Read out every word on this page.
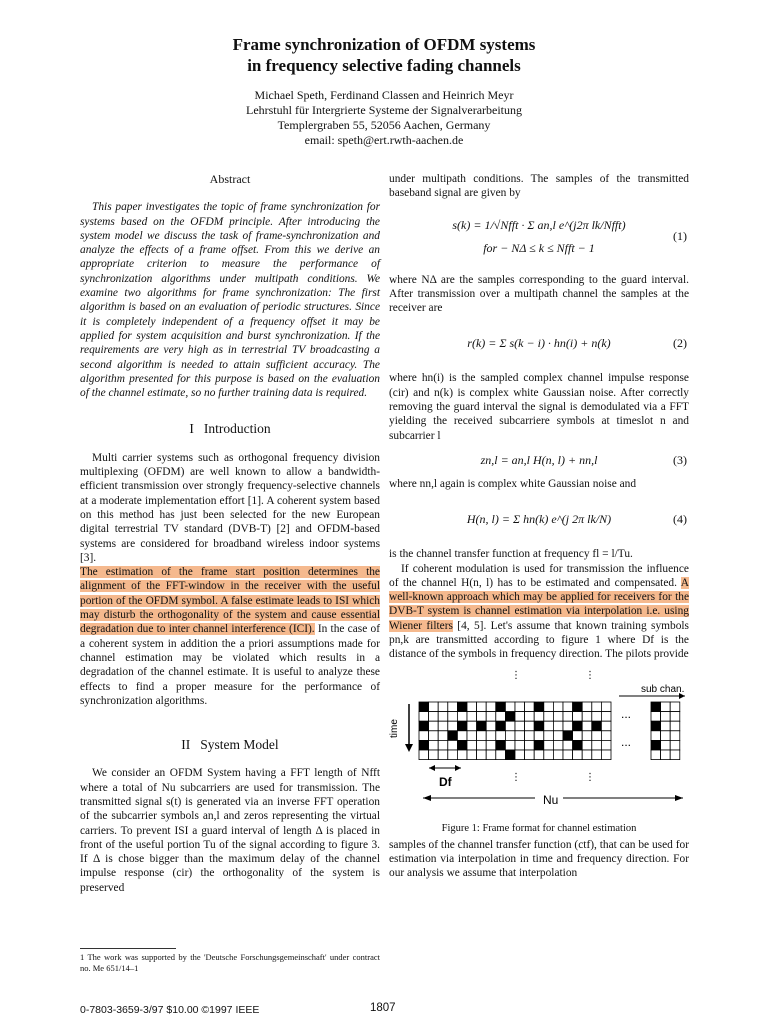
Frame synchronization of OFDM systems
in frequency selective fading channels
Michael Speth, Ferdinand Classen and Heinrich Meyr
Lehrstuhl für Intergrierte Systeme der Signalverarbeitung
Templergraben 55, 52056 Aachen, Germany
email: speth@ert.rwth-aachen.de
Abstract

This paper investigates the topic of frame synchronization for systems based on the OFDM principle. After introducing the system model we discuss the task of frame-synchronization and analyze the effects of a frame offset. From this we derive an appropriate criterion to measure the performance of synchronization algorithms under multipath conditions. We examine two algorithms for frame synchronization: The first algorithm is based on an evaluation of periodic structures. Since it is completely independent of a frequency offset it may be applied for system acquisition and burst synchronization. If the requirements are very high as in terrestrial TV broadcasting a second algorithm is needed to attain sufficient accuracy. The algorithm presented for this purpose is based on the evaluation of the channel estimate, so no further training data is required.

I Introduction

Multi carrier systems such as orthogonal frequency division multiplexing (OFDM) are well known to allow a bandwidth-efficient transmission over strongly frequency-selective channels at a moderate implementation effort [1]. A coherent system based on this method has just been selected for the new European digital terrestrial TV standard (DVB-T) [2] and OFDM-based systems are considered for broadband wireless indoor systems [3].

The estimation of the frame start position determines the alignment of the FFT-window in the receiver with the useful portion of the OFDM symbol. A false estimate leads to ISI which may disturb the orthogonality of the system and cause essential degradation due to inter channel interference (ICI). In the case of a coherent system in addition the a priori assumptions made for channel estimation may be violated which results in a degradation of the channel estimate. It is useful to analyze these effects to find a proper measure for the performance of synchronization algorithms.

II System Model

We consider an OFDM System having a FFT length of Nfft where a total of Nu subcarriers are used for transmission. The transmitted signal s(t) is generated via an inverse FFT operation of the subcarrier symbols an,l and zeros representing the virtual carriers. To prevent ISI a guard interval of length Δ is placed in front of the useful portion Tu of the signal according to figure 3. If Δ is chose bigger than the maximum delay of the channel impulse response (cir) the orthogonality of the system is preserved

under multipath conditions. The samples of the transmitted baseband signal are given by

s(k) = 1/√Nfft · Σ an,l e^(j2π lk/Nfft)
for − NΔ ≤ k ≤ Nfft − 1
(1)

where NΔ are the samples corresponding to the guard interval. After transmission over a multipath channel the samples at the receiver are

r(k) = Σ s(k − i) · hn(i) + n(k)	(2)

where hn(i) is the sampled complex channel impulse response (cir) and n(k) is complex white Gaussian noise. After correctly removing the guard interval the signal is demodulated via a FFT yielding the received subcarriere symbols at timeslot n and subcarrier l

zn,l = an,l H(n, l) + nn,l	(3)

where nn,l again is complex white Gaussian noise and

H(n, l) = Σ hn(k) e^(j 2π lk/N)	(4)

is the channel transfer function at frequency fl = l/Tu.

If coherent modulation is used for transmission the influence of the channel H(n, l) has to be estimated and compensated. A well-known approach which may be applied for receivers for the DVB-T system is channel estimation via interpolation i.e. using Wiener filters [4, 5]. Let's assume that known training symbols pn,k are transmitted according to figure 1 where Df is the distance of the symbols in frequency direction. The pilots provide

⋮	⋮
sub chan.
time
...
...
Df	⋮	⋮
Nu
Figure 1: Frame format for channel estimation

samples of the channel transfer function (ctf), that can be used for estimation via interpolation in time and frequency direction. For our analysis we assume that interpolation

1 The work was supported by the 'Deutsche Forschungsgemeinschaft' under contract no. Me 651/14–1
0-7803-3659-3/97 $10.00 ©1997 IEEE	1807
